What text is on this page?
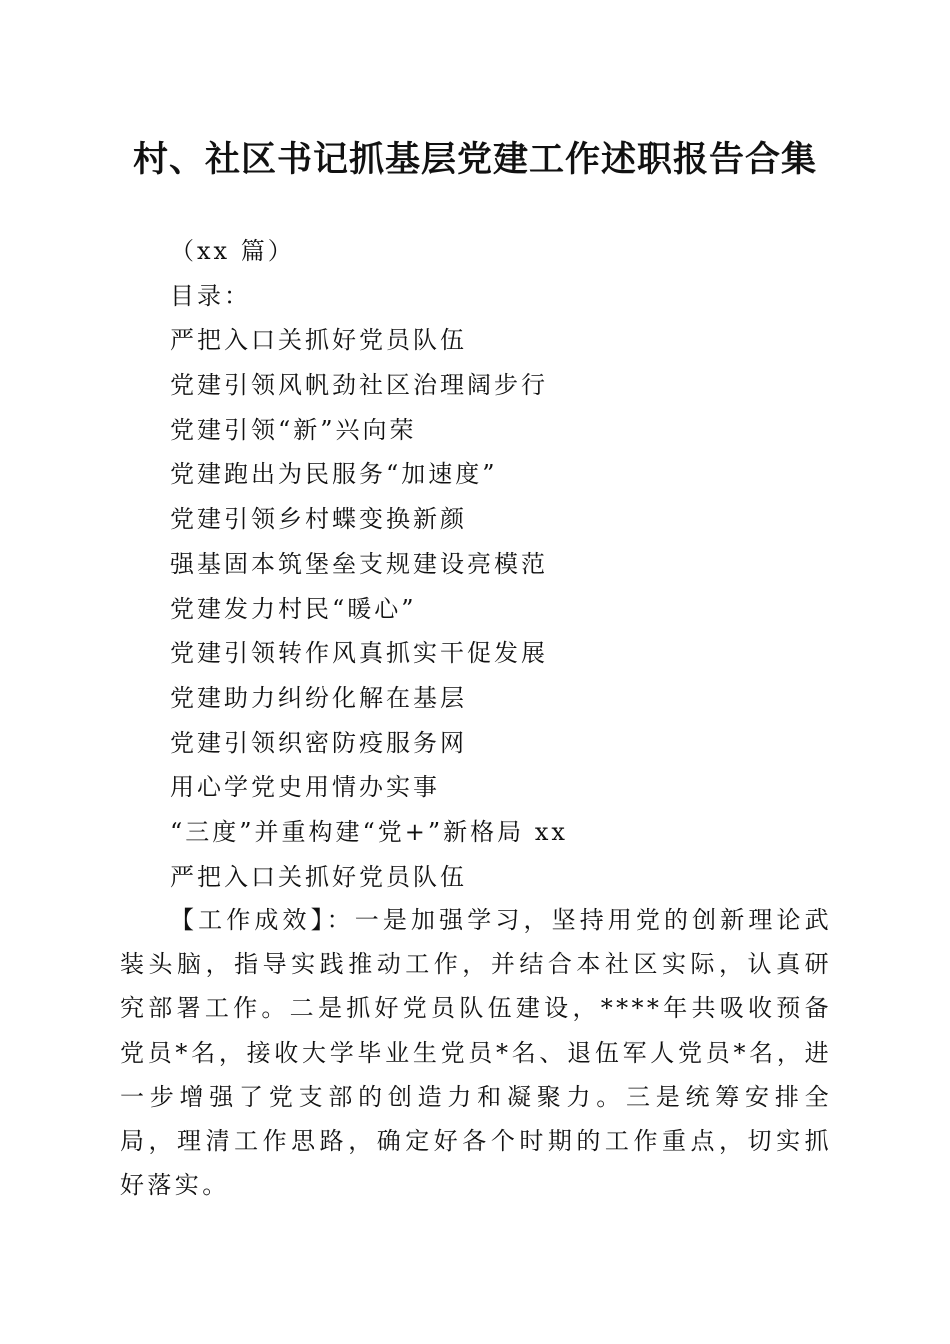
村、社区书记抓基层党建工作述职报告合集
（xx 篇）
目录：
严把入口关抓好党员队伍
党建引领风帆劲社区治理阔步行
党建引领“新”兴向荣
党建跑出为民服务“加速度”
党建引领乡村蝶变换新颜
强基固本筑堡垒支规建设亮模范
党建发力村民“暖心”
党建引领转作风真抓实干促发展
党建助力纠纷化解在基层
党建引领织密防疫服务网
用心学党史用情办实事
“三度”并重构建“党+”新格局 xx
严把入口关抓好党员队伍

【工作成效】：一是加强学习，坚持用党的创新理论武装头脑，指导实践推动工作，并结合本社区实际，认真研究部署工作。二是抓好党员队伍建设，****年共吸收预备党员*名，接收大学毕业生党员*名、退伍军人党员*名，进一步增强了党支部的创造力和凝聚力。三是统筹安排全局，理清工作思路，确定好各个时期的工作重点，切实抓好落实。
